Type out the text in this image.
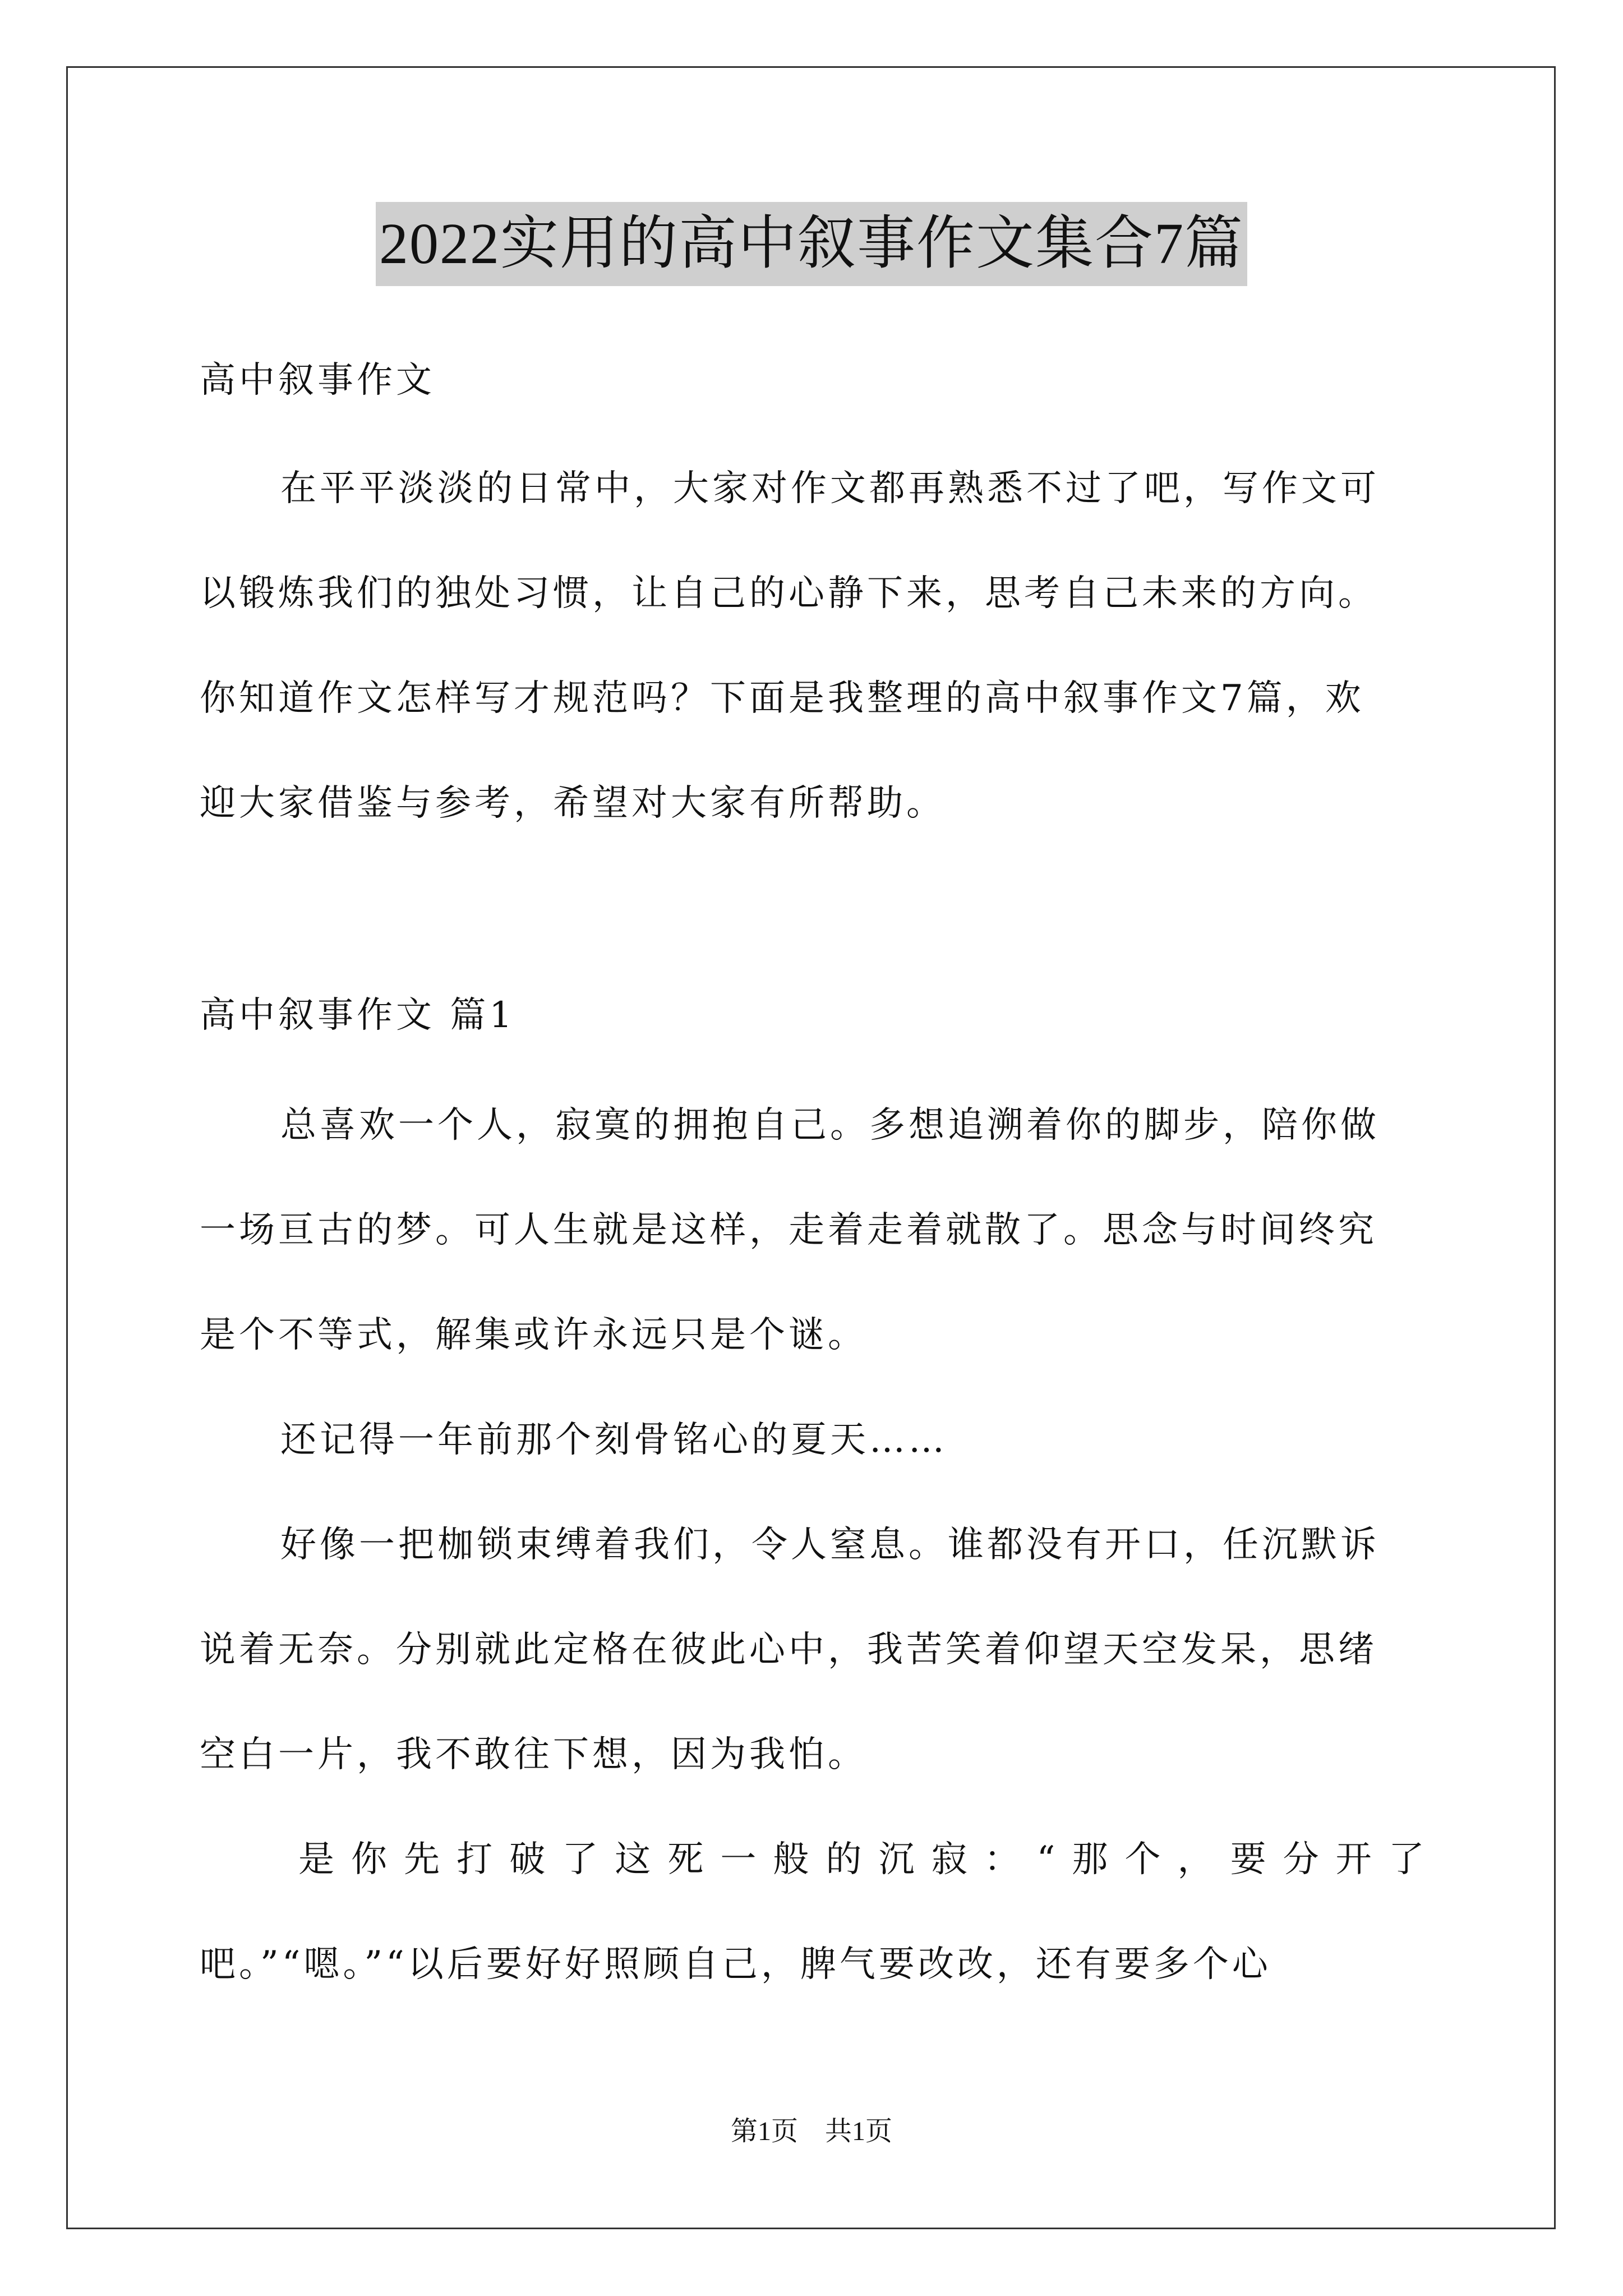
2022实用的高中叙事作文集合7篇
高中叙事作文
在平平淡淡的日常中，大家对作文都再熟悉不过了吧，写作文可
以锻炼我们的独处习惯，让自己的心静下来，思考自己未来的方向。
你知道作文怎样写才规范吗？下面是我整理的高中叙事作文7篇，欢
迎大家借鉴与参考，希望对大家有所帮助。
高中叙事作文 篇1
总喜欢一个人，寂寞的拥抱自己。多想追溯着你的脚步，陪你做
一场亘古的梦。可人生就是这样，走着走着就散了。思念与时间终究
是个不等式，解集或许永远只是个谜。
还记得一年前那个刻骨铭心的夏天……
好像一把枷锁束缚着我们，令人窒息。谁都没有开口，任沉默诉
说着无奈。分别就此定格在彼此心中，我苦笑着仰望天空发呆，思绪
空白一片，我不敢往下想，因为我怕。
是 你 先 打 破 了 这 死 一 般 的 沉 寂 ： “ 那 个 ， 要 分 开 了
吧。”“嗯。”“以后要好好照顾自己，脾气要改改，还有要多个心
第1页　共1页
